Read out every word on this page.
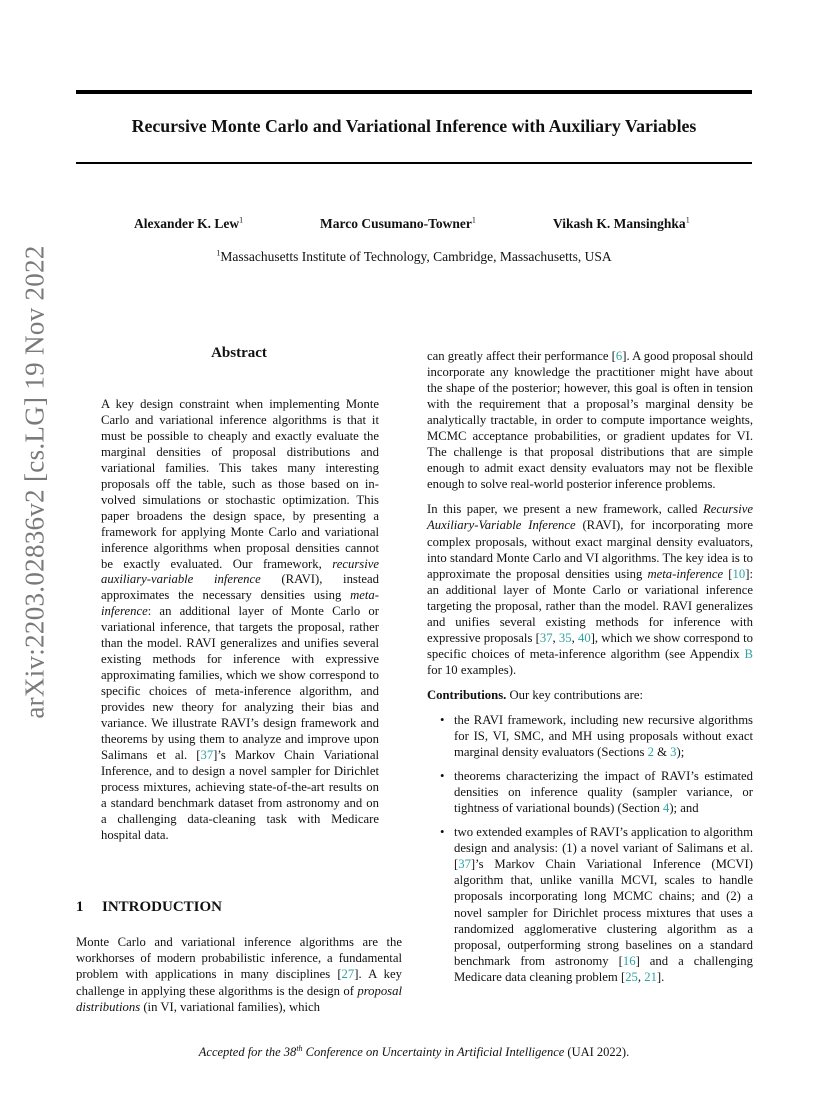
Recursive Monte Carlo and Variational Inference with Auxiliary Variables
Alexander K. Lew$^1$	Marco Cusumano-Towner$^1$	Vikash K. Mansinghka$^1$
$^1$Massachusetts Institute of Technology, Cambridge, Massachusetts, USA
arXiv:2203.02836v2 [cs.LG] 19 Nov 2022	Abstract

A key design constraint when implementing Monte Carlo and variational inference algorithms is that it must be possible to cheaply and exactly evaluate the marginal densities of proposal distributions and variational families. This takes many interesting proposals off the table, such as those based on involved simulations or stochastic optimization. This paper broadens the design space, by presenting a framework for applying Monte Carlo and variational inference algorithms when proposal densities cannot be exactly evaluated. Our framework, recursive auxiliary-variable inference (RAVI), instead approximates the necessary densities using meta-inference: an additional layer of Monte Carlo or variational inference, that targets the proposal, rather than the model. RAVI generalizes and unifies several existing methods for inference with expressive approximating families, which we show correspond to specific choices of meta-inference algorithm, and provides new theory for analyzing their bias and variance. We illustrate RAVI’s design framework and theorems by using them to analyze and improve upon Salimans et al. [37]’s Markov Chain Variational Inference, and to design a novel sampler for Dirichlet process mixtures, achieving state-of-the-art results on a standard benchmark dataset from astronomy and on a challenging data-cleaning task with Medicare hospital data.

1 INTRODUCTION

Monte Carlo and variational inference algorithms are the workhorses of modern probabilistic inference, a fundamental problem with applications in many disciplines [27]. A key challenge in applying these algorithms is the design of proposal distributions (in VI, variational families), which

can greatly affect their performance [6]. A good proposal should incorporate any knowledge the practitioner might have about the shape of the posterior; however, this goal is often in tension with the requirement that a proposal’s marginal density be analytically tractable, in order to compute importance weights, MCMC acceptance probabilities, or gradient updates for VI. The challenge is that proposal distributions that are simple enough to admit exact density evaluators may not be flexible enough to solve real-world posterior inference problems.

In this paper, we present a new framework, called Recursive Auxiliary-Variable Inference (RAVI), for incorporating more complex proposals, without exact marginal density evaluators, into standard Monte Carlo and VI algorithms. The key idea is to approximate the proposal densities using meta-inference [10]: an additional layer of Monte Carlo or variational inference targeting the proposal, rather than the model. RAVI generalizes and unifies several existing methods for inference with expressive proposals [37, 35, 40], which we show correspond to specific choices of meta-inference algorithm (see Appendix B for 10 examples).

Contributions. Our key contributions are:

• the RAVI framework, including new recursive algorithms for IS, VI, SMC, and MH using proposals without exact marginal density evaluators (Sections 2 & 3);
• theorems characterizing the impact of RAVI’s estimated densities on inference quality (sampler variance, or tightness of variational bounds) (Section 4); and
• two extended examples of RAVI’s application to algorithm design and analysis: (1) a novel variant of Salimans et al. [37]’s Markov Chain Variational Inference (MCVI) algorithm that, unlike vanilla MCVI, scales to handle proposals incorporating long MCMC chains; and (2) a novel sampler for Dirichlet process mixtures that uses a randomized agglomerative clustering algorithm as a proposal, outperforming strong baselines on a standard benchmark from astronomy [16] and a challenging Medicare data cleaning problem [25, 21].
Accepted for the 38th Conference on Uncertainty in Artificial Intelligence (UAI 2022).
